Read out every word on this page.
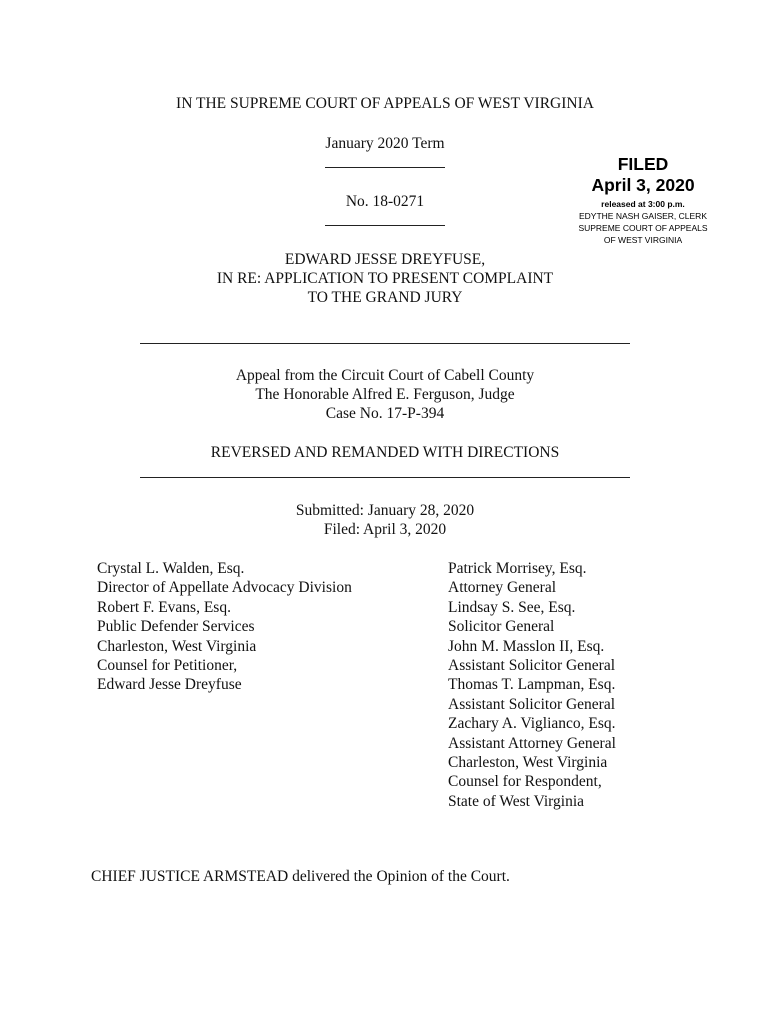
IN THE SUPREME COURT OF APPEALS OF WEST VIRGINIA
January 2020 Term
No. 18-0271
FILED
April 3, 2020
released at 3:00 p.m.
EDYTHE NASH GAISER, CLERK
SUPREME COURT OF APPEALS
OF WEST VIRGINIA
EDWARD JESSE DREYFUSE,
IN RE: APPLICATION TO PRESENT COMPLAINT
TO THE GRAND JURY
Appeal from the Circuit Court of Cabell County
The Honorable Alfred E. Ferguson, Judge
Case No. 17-P-394
REVERSED AND REMANDED WITH DIRECTIONS
Submitted: January 28, 2020
Filed: April 3, 2020
Crystal L. Walden, Esq.
Director of Appellate Advocacy Division
Robert F. Evans, Esq.
Public Defender Services
Charleston, West Virginia
Counsel for Petitioner,
Edward Jesse Dreyfuse
Patrick Morrisey, Esq.
Attorney General
Lindsay S. See, Esq.
Solicitor General
John M. Masslon II, Esq.
Assistant Solicitor General
Thomas T. Lampman, Esq.
Assistant Solicitor General
Zachary A. Viglianco, Esq.
Assistant Attorney General
Charleston, West Virginia
Counsel for Respondent,
State of West Virginia
CHIEF JUSTICE ARMSTEAD delivered the Opinion of the Court.
